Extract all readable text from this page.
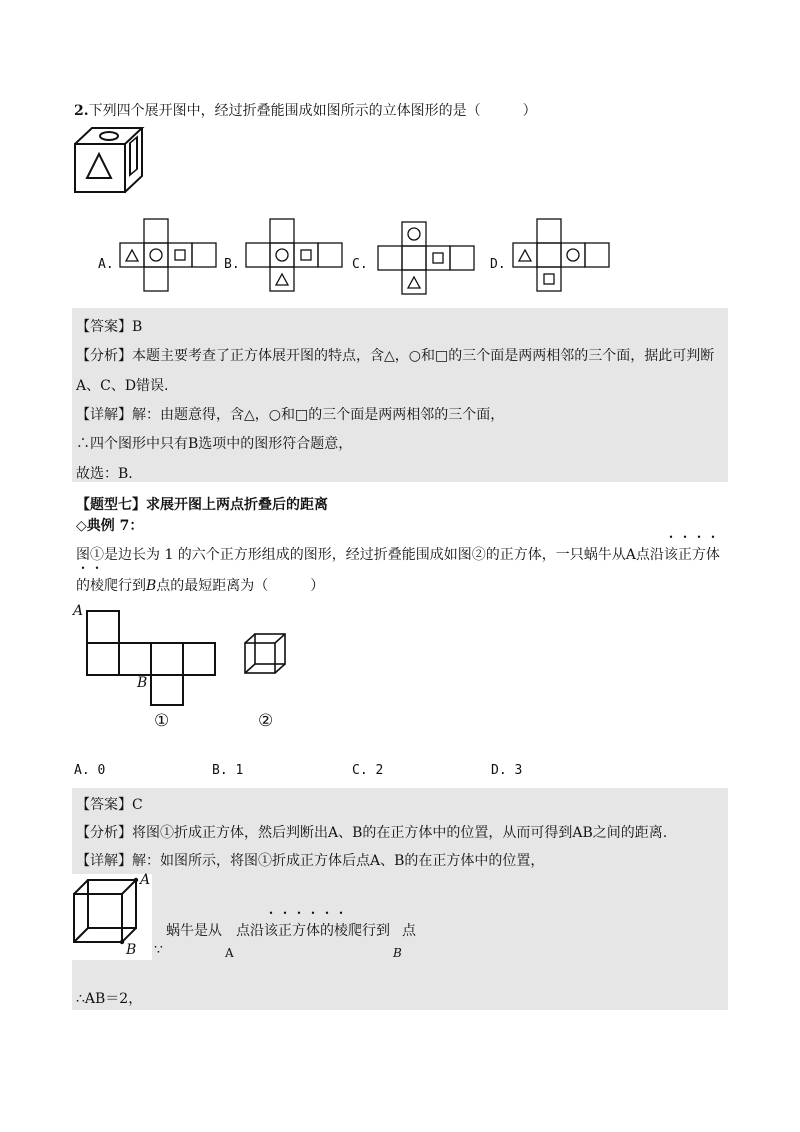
2.下列四个展开图中，经过折叠能围成如图所示的立体图形的是（　　　）
A.	B.	C.	D.
【答案】B
【分析】本题主要考查了正方体展开图的特点，含△，○和□的三个面是两两相邻的三个面，据此可判断
A、C、D错误.
【详解】解：由题意得，含△，○和□的三个面是两两相邻的三个面，
∴四个图形中只有B选项中的图形符合题意，
故选：B.
【题型七】求展开图上两点折叠后的距离
◇典例 7：
图①是边长为 1 的六个正方形组成的图形，经过折叠能围成如图②的正方体，一只蜗牛从A点沿该正方体
的棱爬行到B点的最短距离为（　　　）
A
B
①	②
A. 0	B. 1	C. 2	D. 3
【答案】C
【分析】将图①折成正方体，然后判断出A、B的在正方体中的位置，从而可得到AB之间的距离.
【详解】解：如图所示，将图①折成正方体后点A、B的在正方体中的位置，
A
B
蜗牛是从 点沿该正方体的棱爬行到 点
∵	A	B
∴AB＝2，
